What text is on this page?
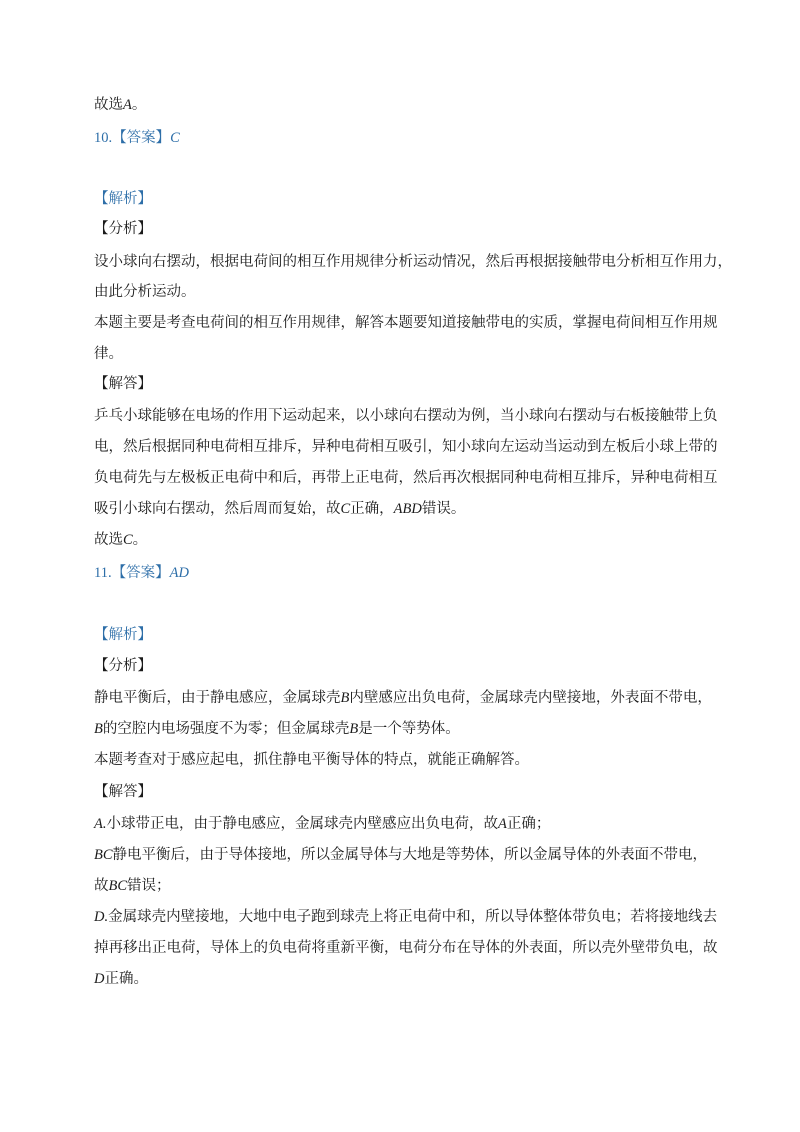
故选A。
10.【答案】C
【解析】
【分析】
设小球向右摆动，根据电荷间的相互作用规律分析运动情况，然后再根据接触带电分析相互作用力，
由此分析运动。
本题主要是考查电荷间的相互作用规律，解答本题要知道接触带电的实质，掌握电荷间相互作用规
律。
【解答】
乒乓小球能够在电场的作用下运动起来，以小球向右摆动为例，当小球向右摆动与右板接触带上负
电，然后根据同种电荷相互排斥，异种电荷相互吸引，知小球向左运动当运动到左板后小球上带的
负电荷先与左极板正电荷中和后，再带上正电荷，然后再次根据同种电荷相互排斥，异种电荷相互
吸引小球向右摆动，然后周而复始，故C正确，ABD错误。
故选C。
11.【答案】AD
【解析】
【分析】
静电平衡后，由于静电感应，金属球壳B内壁感应出负电荷，金属球壳内壁接地，外表面不带电，
B的空腔内电场强度不为零；但金属球壳B是一个等势体。
本题考查对于感应起电，抓住静电平衡导体的特点，就能正确解答。
【解答】
A.小球带正电，由于静电感应，金属球壳内壁感应出负电荷，故A正确；
BC静电平衡后，由于导体接地，所以金属导体与大地是等势体，所以金属导体的外表面不带电，
故BC错误；
D.金属球壳内壁接地，大地中电子跑到球壳上将正电荷中和，所以导体整体带负电；若将接地线去
掉再移出正电荷，导体上的负电荷将重新平衡，电荷分布在导体的外表面，所以壳外壁带负电，故
D正确。
